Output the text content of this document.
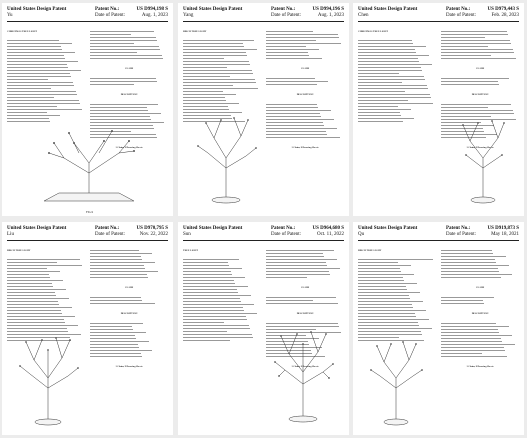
United States Design Patent	Patent No.:	US D994,198 S
Yu	Date of Patent:	Aug. 1, 2023

CHRISTMAS TREE LIGHT

CLAIM

DESCRIPTION

1 Claim, 9 Drawing Sheets

FIG.9
United States Design Patent	Patent No.:	US D994,196 S
Yang	Date of Patent:	Aug. 1, 2023

BIRCH TREE LIGHT

CLAIM

DESCRIPTION

1 Claim, 8 Drawing Sheets

United States Design Patent	Patent No.:	US D979,443 S
Chen	Date of Patent:	Feb. 28, 2023

CHRISTMAS TREE LIGHT

CLAIM

DESCRIPTION

1 Claim, 9 Drawing Sheets

United States Design Patent	Patent No.:	US D970,795 S
Liu	Date of Patent:	Nov. 22, 2022

BIRCH TREE LIGHT

CLAIM

DESCRIPTION

1 Claim, 9 Drawing Sheets

United States Design Patent	Patent No.:	US D964,680 S
Sun	Date of Patent:	Oct. 11, 2022

TREE LIGHT

CLAIM

DESCRIPTION

1 Claim, 8 Drawing Sheets

United States Design Patent	Patent No.:	US D919,873 S
Qu	Date of Patent:	May 18, 2021

BIRCH TREE LIGHT

CLAIM

DESCRIPTION

1 Claim, 8 Drawing Sheets
